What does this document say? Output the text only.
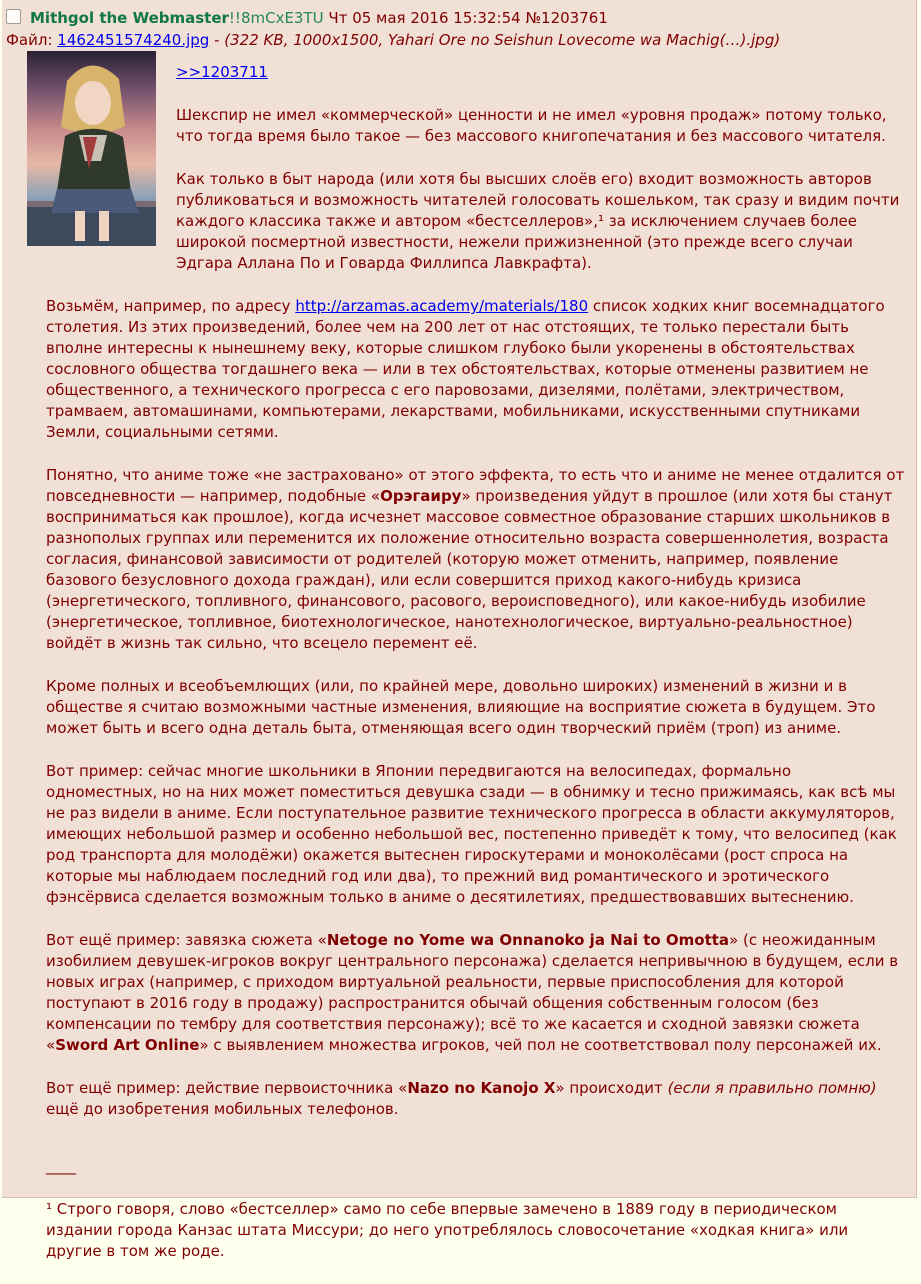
Mithgol the Webmaster!!8mCxE3TU Чт 05 мая 2016 15:32:54 №1203761
Файл: 1462451574240.jpg - (322 KB, 1000x1500, Yahari Ore no Seishun Lovecome wa Machig(…).jpg)

>>1203711

Шекспир не имел «коммерческой» ценности и не имел «уровня продаж» потому только, что тогда время было такое — без массового книгопечатания и без массового читателя.

Как только в быт народа (или хотя бы высших слоёв его) входит возможность авторов публиковаться и возможность читателей голосовать кошельком, так сразу и видим почти каждого классика также и автором «бестселлеров»,¹ за исключением случаев более широкой посмертной известности, нежели прижизненной (это прежде всего случаи Эдгара Аллана По и Говарда Филлипса Лавкрафта).

Возьмём, например, по адресу http://arzamas.academy/materials/180 список ходких книг восемнадцатого столетия. Из этих произведений, более чем на 200 лет от нас отстоящих, те только перестали быть вполне интересны к нынешнему веку, которые слишком глубоко были укоренены в обстоятельствах сословного общества тогдашнего века — или в тех обстоятельствах, которые отменены развитием не общественного, а технического прогресса с его паровозами, дизелями, полётами, электричеством, трамваем, автомашинами, компьютерами, лекарствами, мобильниками, искусственными спутниками Земли, социальными сетями.

Понятно, что аниме тоже «не застраховано» от этого эффекта, то есть что и аниме не менее отдалится от повседневности — например, подобные «Орэгаиру» произведения уйдут в прошлое (или хотя бы станут восприниматься как прошлое), когда исчезнет массовое совместное образование старших школьников в разнополых группах или переменится их положение относительно возраста совершеннолетия, возраста согласия, финансовой зависимости от родителей (которую может отменить, например, появление базового безусловного дохода граждан), или если совершится приход какого-нибудь кризиса (энергетического, топливного, финансового, расового, вероисповедного), или какое-нибудь изобилие (энергетическое, топливное, биотехнологическое, нанотехнологическое, виртуально-реальностное) войдёт в жизнь так сильно, что всецело перемент её.

Кроме полных и всеобъемлющих (или, по крайней мере, довольно широких) изменений в жизни и в обществе я считаю возможными частные изменения, влияющие на восприятие сюжета в будущем. Это может быть и всего одна деталь быта, отменяющая всего один творческий приём (троп) из аниме.

Вот пример: сейчас многие школьники в Японии передвигаются на велосипедах, формально одноместных, но на них может поместиться девушка сзади — в обнимку и тесно прижимаясь, как всѣ мы не раз видели в аниме. Если поступательное развитие технического прогресса в области аккумуляторов, имеющих небольшой размер и особенно небольшой вес, постепенно приведёт к тому, что велосипед (как род транспорта для молодёжи) окажется вытеснен гироскутерами и моноколёсами (рост спроса на которые мы наблюдаем последний год или два), то прежний вид романтического и эротического фэнсёрвиса сделается возможным только в аниме о десятилетиях, предшествовавших вытеснению.

Вот ещё пример: завязка сюжета «Netoge no Yome wa Onnanoko ja Nai to Omotta» (с неожиданным изобилием девушек-игроков вокруг центрального персонажа) сделается непривычною в будущем, если в новых играх (например, с приходом виртуальной реальности, первые приспособления для которой поступают в 2016 году в продажу) распространится обычай общения собственным голосом (без компенсации по тембру для соответствия персонажу); всё то же касается и сходной завязки сюжета «Sword Art Online» с выявлением множества игроков, чей пол не соответствовал полу персонажей их.

Вот ещё пример: действие первоисточника «Nazo no Kanojo X» происходит (если я правильно помню) ещё до изобретения мобильных телефонов.

____

¹ Строго говоря, слово «бестселлер» само по себе впервые замечено в 1889 году в периодическом издании города Канзас штата Миссури; до него употреблялось словосочетание «ходкая книга» или другие в том же роде.
